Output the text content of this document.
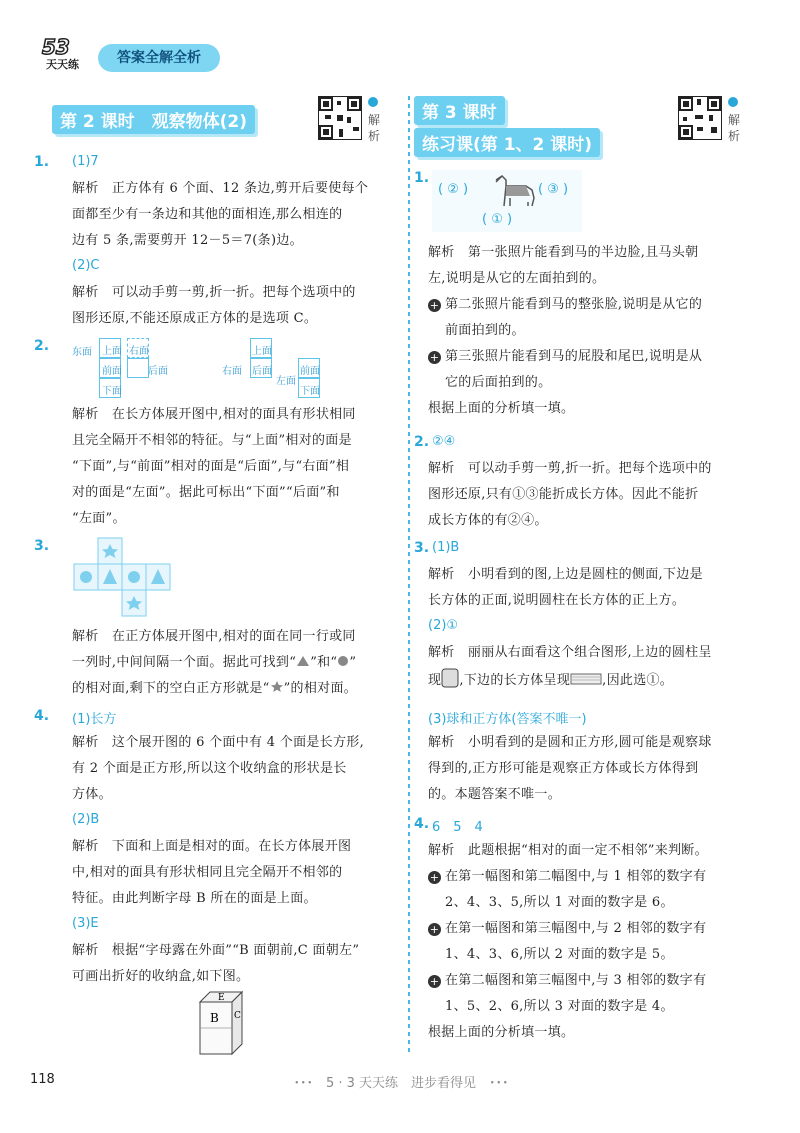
53
天天练	答案全解全析
第 2 课时　观察物体(2)	解析
第 3 课时
练习课(第 1、2 课时)
解析
1. (1)7
解析　正方体有 6 个面、12 条边,剪开后要使每个
面都至少有一条边和其他的面相连,那么相连的
边有 5 条,需要剪开 12－5＝7(条)边。
(2)C
解析　可以动手剪一剪,折一折。把每个选项中的
图形还原,不能还原成正方体的是选项 C。
2. 东面 上面 右面
前面	后面
下面
上面
右面 后面
左面
前面
下面
解析　在长方体展开图中,相对的面具有形状相同
且完全隔开不相邻的特征。与“上面”相对的面是
“下面”,与“前面”相对的面是“后面”,与“右面”相
对的面是“左面”。据此可标出“下面”“后面”和
“左面”。
3.
解析　在正方体展开图中,相对的面在同一行或同
一列时,中间间隔一个面。据此可找到“ ”和“ ”
的相对面,剩下的空白正方形就是“ ”的相对面。
4. (1)长方
解析　这个展开图的 6 个面中有 4 个面是长方形,
有 2 个面是正方形,所以这个收纳盒的形状是长
方体。
(2)B
解析　下面和上面是相对的面。在长方体展开图
中,相对的面具有形状相同且完全隔开不相邻的
特征。由此判断字母 B 所在的面是上面。
(3)E
解析　根据“字母露在外面”“B 面朝前,C 面朝左”
可画出折好的收纳盒,如下图。
E
B C
1.
( ② )	( ③ )
( ① )
解析　第一张照片能看到马的半边脸,且马头朝
左,说明是从它的左面拍到的。
+ 第二张照片能看到马的整张脸,说明是从它的
前面拍到的。
+ 第三张照片能看到马的屁股和尾巴,说明是从
它的后面拍到的。
根据上面的分析填一填。
2. ②④
解析　可以动手剪一剪,折一折。把每个选项中的
图形还原,只有①③能折成长方体。因此不能折
成长方体的有②④。
3. (1)B
解析　小明看到的图,上边是圆柱的侧面,下边是
长方体的正面,说明圆柱在长方体的正上方。
(2)①
解析　丽丽从右面看这个组合图形,上边的圆柱呈
现 ,下边的长方体呈现 ,因此选①。
(3)球和正方体(答案不唯一)
解析　小明看到的是圆和正方形,圆可能是观察球
得到的,正方形可能是观察正方体或长方体得到
的。本题答案不唯一。
4. 6　5　4
解析　此题根据“相对的面一定不相邻”来判断。
+ 在第一幅图和第二幅图中,与 1 相邻的数字有
2、4、3、5,所以 1 对面的数字是 6。
+ 在第一幅图和第三幅图中,与 2 相邻的数字有
1、4、3、6,所以 2 对面的数字是 5。
+ 在第二幅图和第三幅图中,与 3 相邻的数字有
1、5、2、6,所以 3 对面的数字是 4。
根据上面的分析填一填。
118	･･･　5 · 3 天天练　进步看得见　･･･
